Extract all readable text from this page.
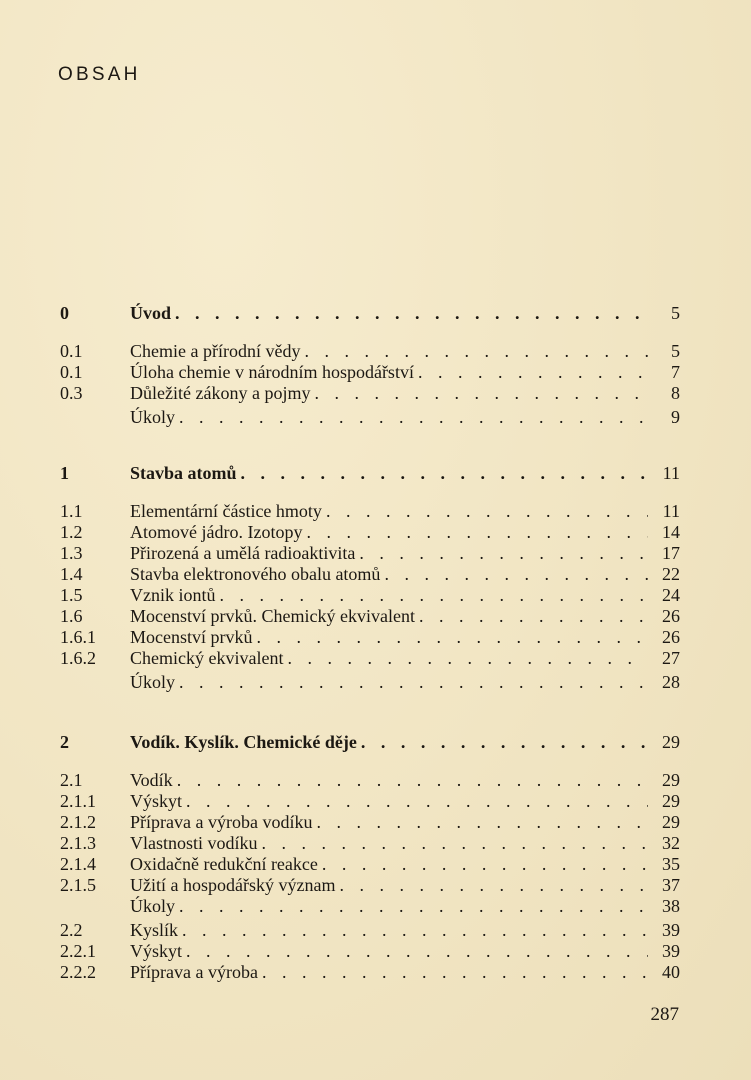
OBSAH
0	Úvod . . .	5
0.1	Chemie a přírodní vědy . . .	5
0.1	Úloha chemie v národním hospodářství . . .	7
0.3	Důležité zákony a pojmy . . .	8
Úkoly . . .	9
1	Stavba atomů . . .	11
1.1	Elementární částice hmoty . . .	11
1.2	Atomové jádro. Izotopy . . .	14
1.3	Přirozená a umělá radioaktivita . . .	17
1.4	Stavba elektronového obalu atomů . . .	22
1.5	Vznik iontů . . .	24
1.6	Mocenství prvků. Chemický ekvivalent . . .	26
1.6.1	Mocenství prvků . . .	26
1.6.2	Chemický ekvivalent . . .	27
Úkoly . . .	28
2	Vodík. Kyslík. Chemické děje . . .	29
2.1	Vodík . . .	29
2.1.1	Výskyt . . .	29
2.1.2	Příprava a výroba vodíku . . .	29
2.1.3	Vlastnosti vodíku . . .	32
2.1.4	Oxidačně redukční reakce . . .	35
2.1.5	Užití a hospodářský význam . . .	37
Úkoly . . .	38
2.2	Kyslík . . .	39
2.2.1	Výskyt . . .	39
2.2.2	Příprava a výroba . . .	40
287
